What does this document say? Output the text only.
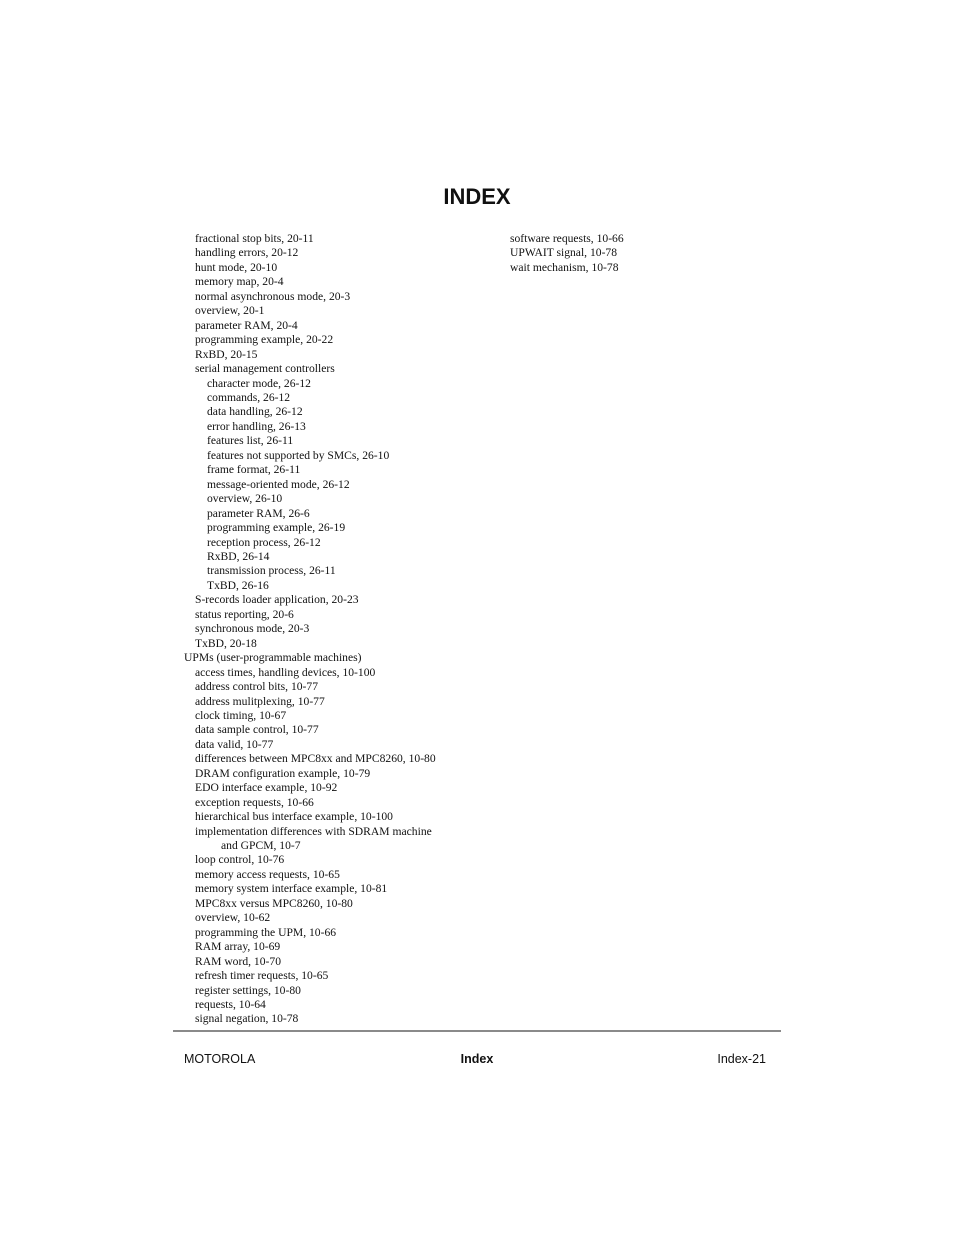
INDEX
fractional stop bits, 20-11
handling errors, 20-12
hunt mode, 20-10
memory map, 20-4
normal asynchronous mode, 20-3
overview, 20-1
parameter RAM, 20-4
programming example, 20-22
RxBD, 20-15
serial management controllers
character mode, 26-12
commands, 26-12
data handling, 26-12
error handling, 26-13
features list, 26-11
features not supported by SMCs, 26-10
frame format, 26-11
message-oriented mode, 26-12
overview, 26-10
parameter RAM, 26-6
programming example, 26-19
reception process, 26-12
RxBD, 26-14
transmission process, 26-11
TxBD, 26-16
S-records loader application, 20-23
status reporting, 20-6
synchronous mode, 20-3
TxBD, 20-18
UPMs (user-programmable machines)
access times, handling devices, 10-100
address control bits, 10-77
address mulitplexing, 10-77
clock timing, 10-67
data sample control, 10-77
data valid, 10-77
differences between MPC8xx and MPC8260, 10-80
DRAM configuration example, 10-79
EDO interface example, 10-92
exception requests, 10-66
hierarchical bus interface example, 10-100
implementation differences with SDRAM machine
and GPCM, 10-7
loop control, 10-76
memory access requests, 10-65
memory system interface example, 10-81
MPC8xx versus MPC8260, 10-80
overview, 10-62
programming the UPM, 10-66
RAM array, 10-69
RAM word, 10-70
refresh timer requests, 10-65
register settings, 10-80
requests, 10-64
signal negation, 10-78
software requests, 10-66
UPWAIT signal, 10-78
wait mechanism, 10-78
MOTOROLA	Index	Index-21
